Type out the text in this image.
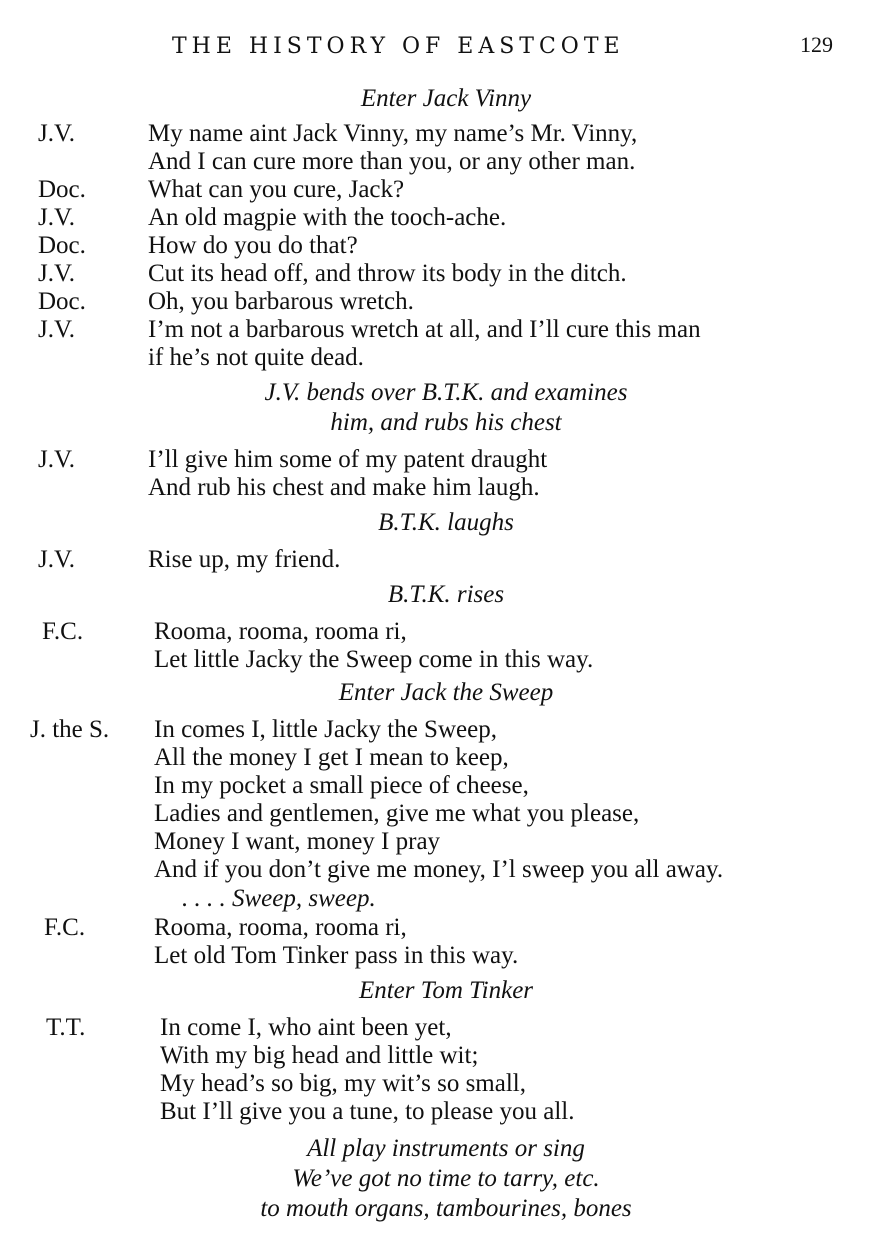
THE HISTORY OF EASTCOTE	129

Enter Jack Vinny

J.V.	My name aint Jack Vinny, my name’s Mr. Vinny,
And I can cure more than you, or any other man.
Doc.	What can you cure, Jack?
J.V.	An old magpie with the tooch-ache.
Doc.	How do you do that?
J.V.	Cut its head off, and throw its body in the ditch.
Doc.	Oh, you barbarous wretch.
J.V.	I’m not a barbarous wretch at all, and I’ll cure this man
if he’s not quite dead.

J.V. bends over B.T.K. and examines

him, and rubs his chest

J.V.	I’ll give him some of my patent draught
And rub his chest and make him laugh.

B.T.K. laughs

J.V.	Rise up, my friend.

B.T.K. rises

F.C.	Rooma, rooma, rooma ri,
Let little Jacky the Sweep come in this way.

Enter Jack the Sweep

J. the S.	In comes I, little Jacky the Sweep,
All the money I get I mean to keep,
In my pocket a small piece of cheese,
Ladies and gentlemen, give me what you please,
Money I want, money I pray
And if you don’t give me money, I’l sweep you all away.

. . . . Sweep, sweep.

F.C.	Rooma, rooma, rooma ri,
Let old Tom Tinker pass in this way.

Enter Tom Tinker

T.T.	In come I, who aint been yet,
With my big head and little wit;
My head’s so big, my wit’s so small,
But I’ll give you a tune, to please you all.

All play instruments or sing

We’ve got no time to tarry, etc.

to mouth organs, tambourines, bones
